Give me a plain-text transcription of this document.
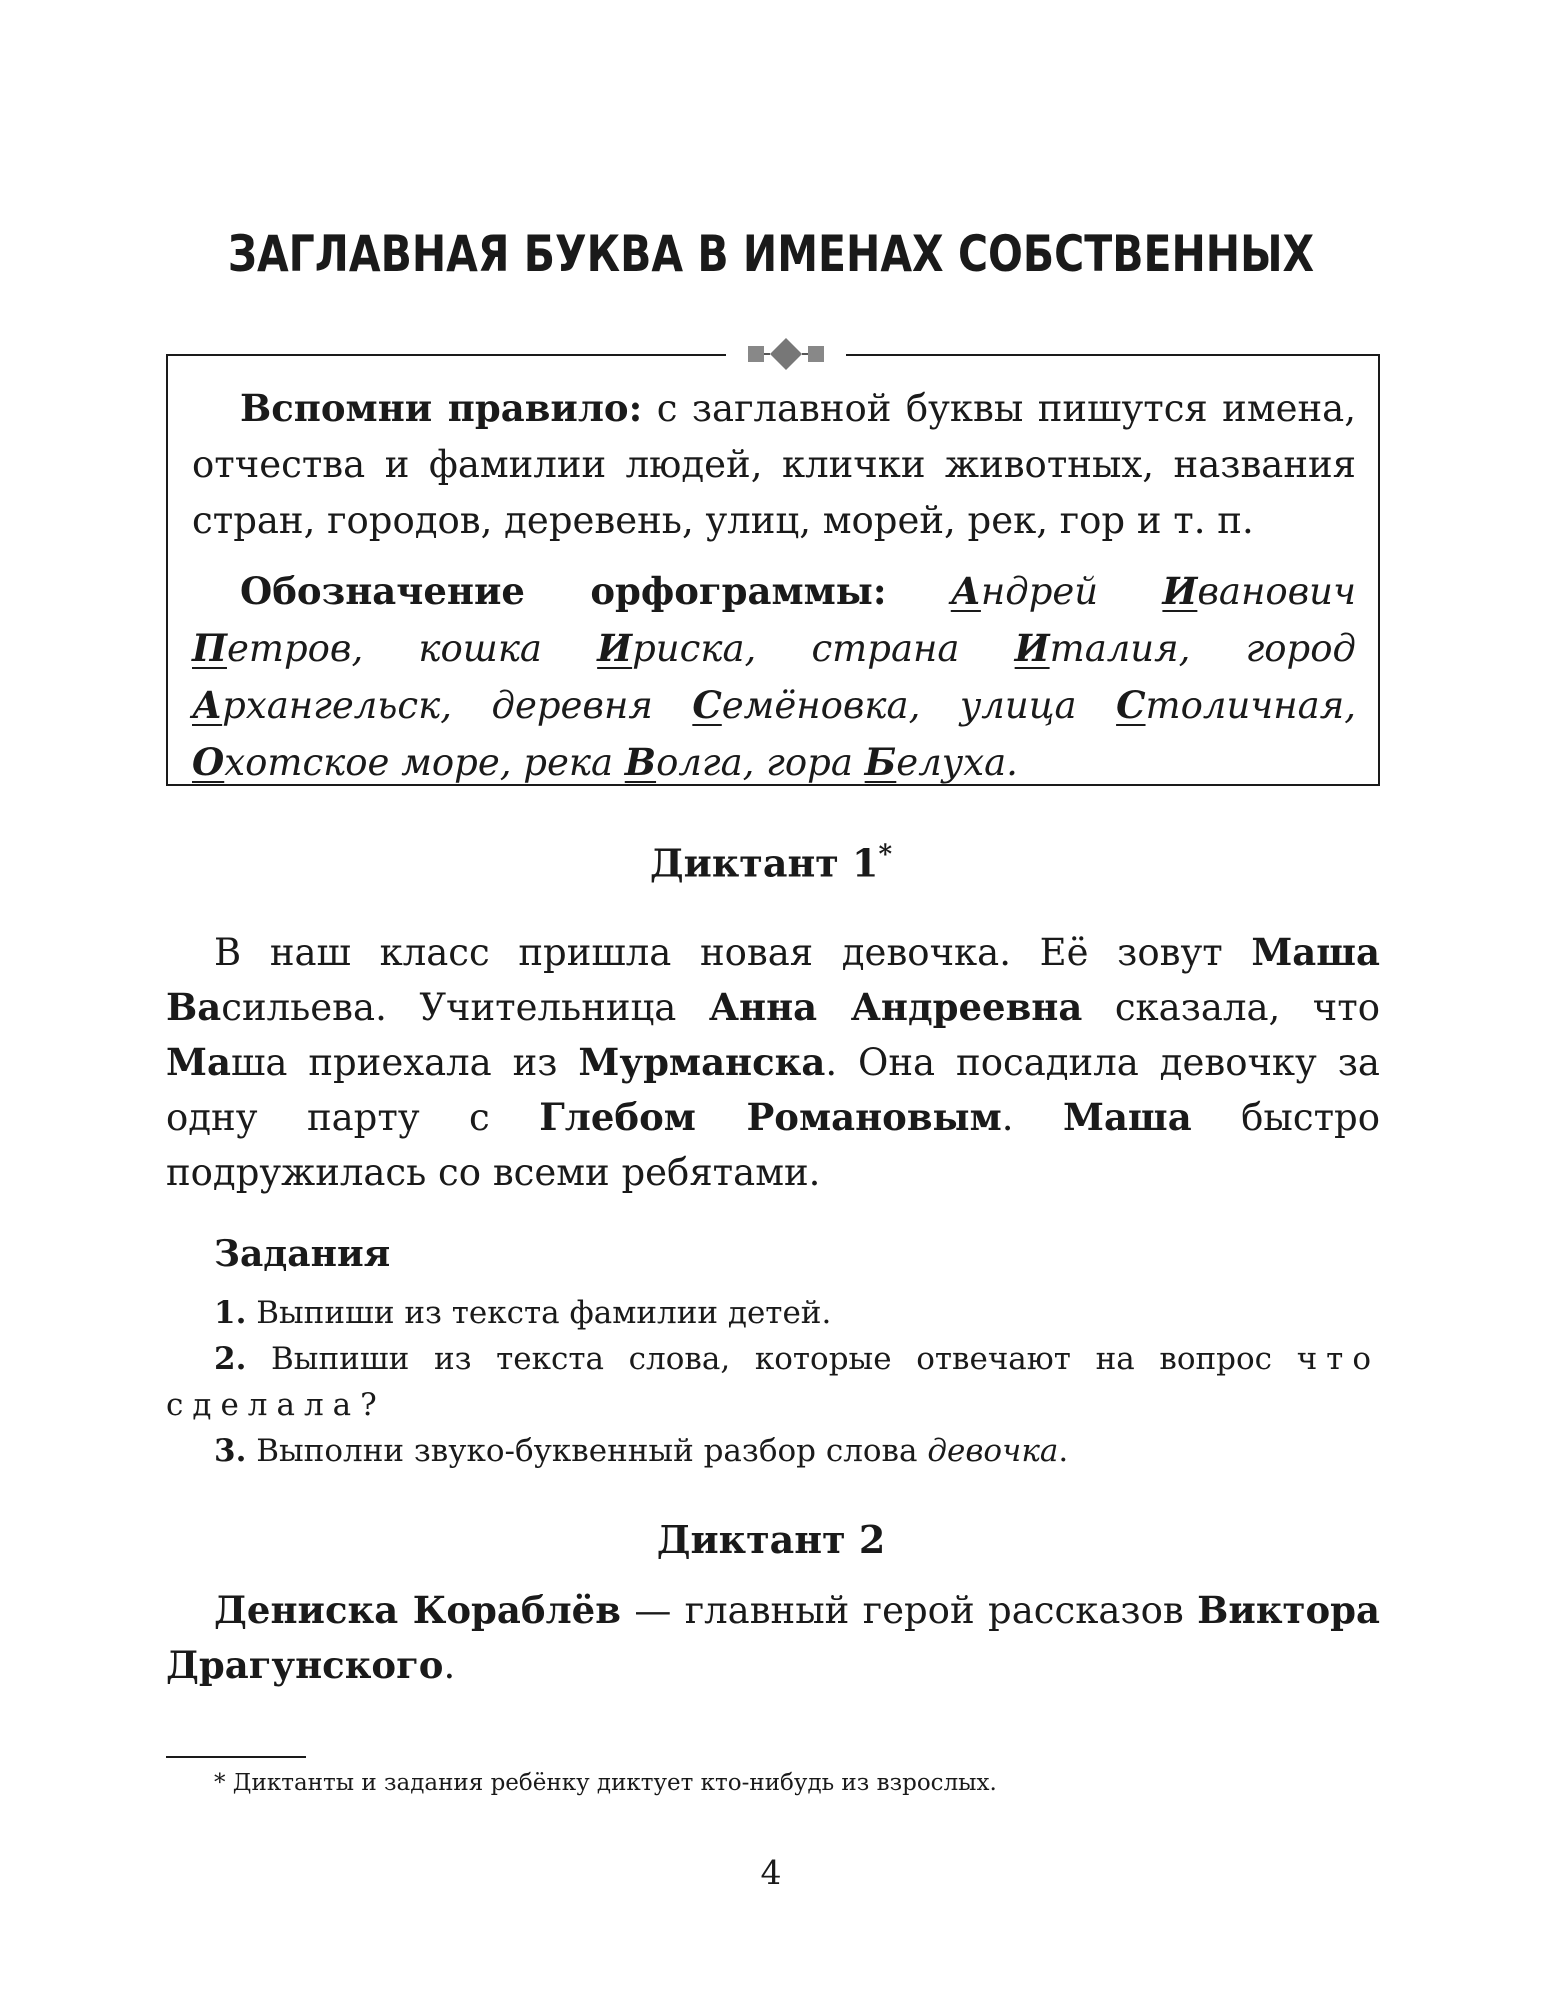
ЗАГЛАВНАЯ БУКВА В ИМЕНАХ СОБСТВЕННЫХ

Вспомни правило: с заглавной буквы пишутся имена, отчества и фамилии людей, клички животных, названия стран, городов, деревень, улиц, морей, рек, гор и т. п.

Обозначение орфограммы: Андрей Иванович Петров, кошка Ириска, страна Италия, город Архангельск, деревня Семёновка, улица Столичная, Охотское море, река Волга, гора Белуха.

Диктант 1*

В наш класс пришла новая девочка. Её зовут Маша Васильева. Учительница Анна Андреевна сказала, что Маша приехала из Мурманска. Она посадила девочку за одну парту с Глебом Романовым. Маша быстро подружилась со всеми ребятами.

Задания

1. Выпиши из текста фамилии детей.

2. Выпиши из текста слова, которые отвечают на вопрос что сделала?

3. Выполни звуко-буквенный разбор слова девочка.

Диктант 2

Дениска Кораблёв — главный герой рассказов Виктора Драгунского.

* Диктанты и задания ребёнку диктует кто-нибудь из взрослых.
4
